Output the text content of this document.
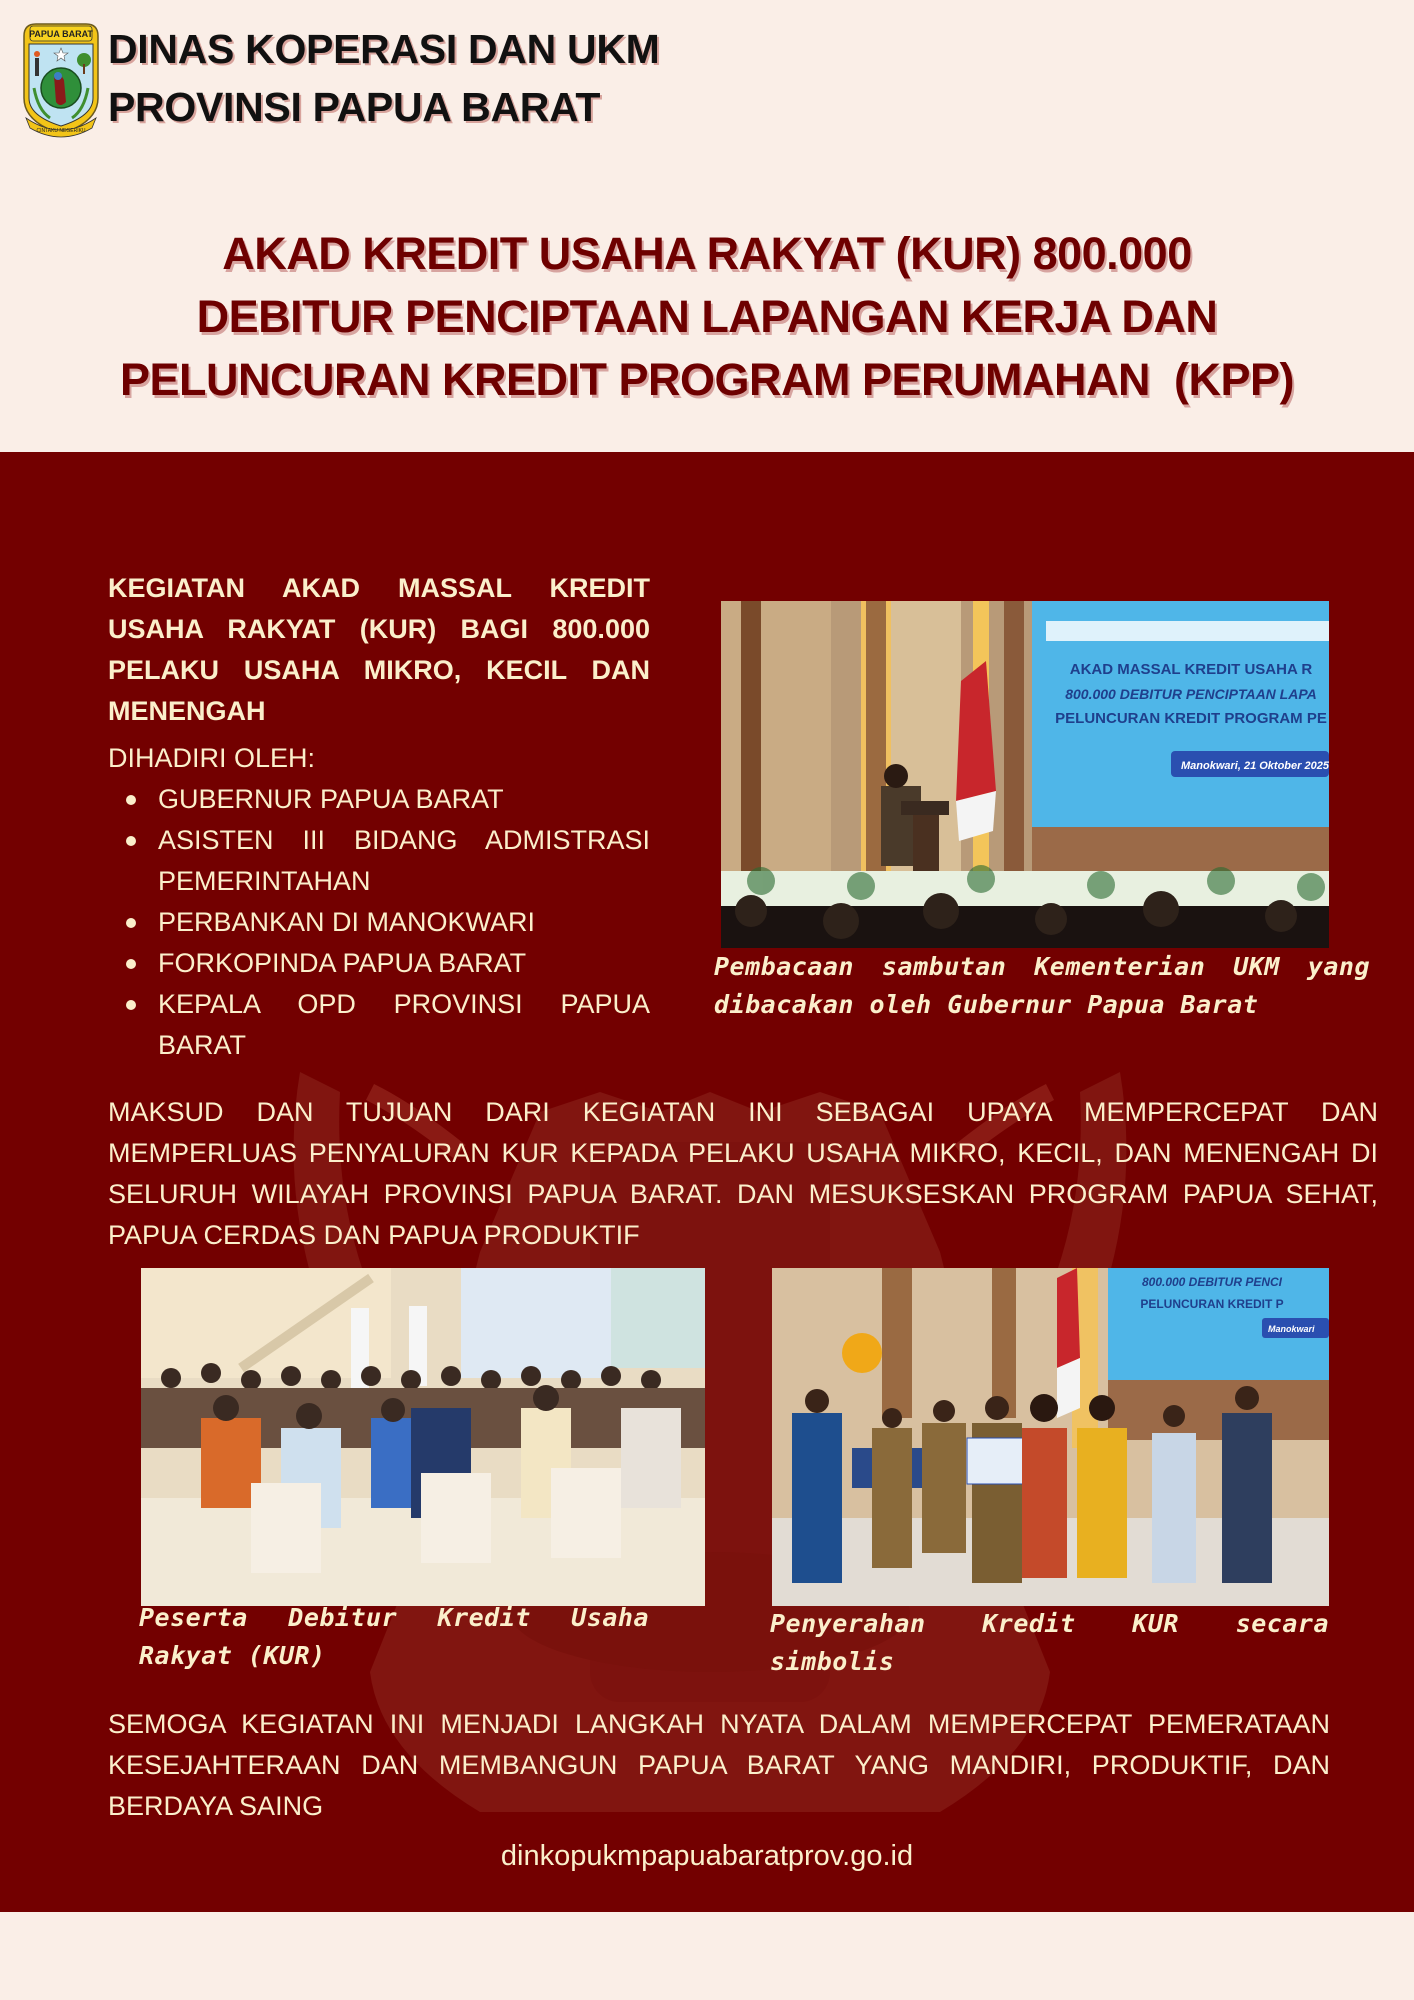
PAPUA BARAT
CINTAKU NEGERIKU
DINAS KOPERASI DAN UKM
PROVINSI PAPUA BARAT
AKAD KREDIT USAHA RAKYAT (KUR) 800.000
DEBITUR PENCIPTAAN LAPANGAN KERJA DAN
PELUNCURAN KREDIT PROGRAM PERUMAHAN  (KPP)
KEGIATAN AKAD MASSAL KREDIT
USAHA RAKYAT (KUR) BAGI 800.000
PELAKU USAHA MIKRO, KECIL DAN
MENENGAH
DIHADIRI OLEH:
GUBERNUR PAPUA BARAT
ASISTEN III BIDANG ADMISTRASI
PEMERINTAHAN
PERBANKAN DI MANOKWARI
FORKOPINDA PAPUA BARAT
KEPALA OPD PROVINSI PAPUA
BARAT
AKAD MASSAL KREDIT USAHA R
800.000 DEBITUR PENCIPTAAN LAPA
PELUNCURAN KREDIT PROGRAM PE
Manokwari, 21 Oktober 2025
Pembacaan sambutan Kementerian UKM yang
dibacakan oleh Gubernur Papua Barat
MAKSUD DAN TUJUAN DARI KEGIATAN INI SEBAGAI UPAYA MEMPERCEPAT DAN
MEMPERLUAS PENYALURAN KUR KEPADA PELAKU USAHA MIKRO, KECIL, DAN MENENGAH DI
SELURUH WILAYAH PROVINSI PAPUA BARAT. DAN MESUKSESKAN PROGRAM PAPUA SEHAT,
PAPUA CERDAS DAN PAPUA PRODUKTIF
Peserta Debitur Kredit Usaha
Rakyat (KUR)
800.000 DEBITUR PENCI
PELUNCURAN KREDIT P
Manokwari
Penyerahan Kredit KUR secara
simbolis
SEMOGA KEGIATAN INI MENJADI LANGKAH NYATA DALAM MEMPERCEPAT PEMERATAAN
KESEJAHTERAAN DAN MEMBANGUN PAPUA BARAT YANG MANDIRI, PRODUKTIF, DAN
BERDAYA SAING
dinkopukmpapuabaratprov.go.id
